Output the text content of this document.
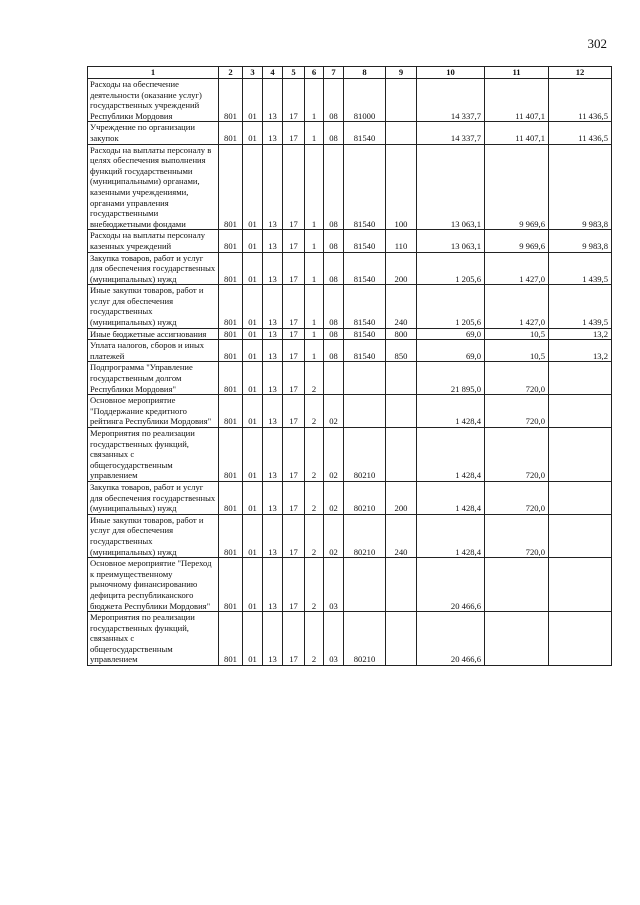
302
1	2	3	4	5	6	7	8	9	10	11	12
Расходы на обеспечение деятельности (оказание услуг) государственных учреждений Республики Мордовия	801	01	13	17	1	08	81000		14 337,7	11 407,1	11 436,5
Учреждение по организации закупок	801	01	13	17	1	08	81540		14 337,7	11 407,1	11 436,5
Расходы на выплаты персоналу в целях обеспечения выполнения функций государственными (муниципальными) органами, казенными учреждениями, органами управления государственными внебюджетными фондами	801	01	13	17	1	08	81540	100	13 063,1	9 969,6	9 983,8
Расходы на выплаты персоналу казенных учреждений	801	01	13	17	1	08	81540	110	13 063,1	9 969,6	9 983,8
Закупка товаров, работ и услуг для обеспечения государственных (муниципальных) нужд	801	01	13	17	1	08	81540	200	1 205,6	1 427,0	1 439,5
Иные закупки товаров, работ и услуг для обеспечения государственных (муниципальных) нужд	801	01	13	17	1	08	81540	240	1 205,6	1 427,0	1 439,5
Иные бюджетные ассигнования	801	01	13	17	1	08	81540	800	69,0	10,5	13,2
Уплата налогов, сборов и иных платежей	801	01	13	17	1	08	81540	850	69,0	10,5	13,2
Подпрограмма "Управление государственным долгом Республики Мордовия"	801	01	13	17	2				21 895,0	720,0	
Основное мероприятие "Поддержание кредитного рейтинга Республики Мордовия"	801	01	13	17	2	02			1 428,4	720,0	
Мероприятия по реализации государственных функций, связанных с общегосударственным управлением	801	01	13	17	2	02	80210		1 428,4	720,0	
Закупка товаров, работ и услуг для обеспечения государственных (муниципальных) нужд	801	01	13	17	2	02	80210	200	1 428,4	720,0	
Иные закупки товаров, работ и услуг для обеспечения государственных (муниципальных) нужд	801	01	13	17	2	02	80210	240	1 428,4	720,0	
Основное мероприятие "Переход к преимущественному рыночному финансированию дефицита республиканского бюджета Республики Мордовия"	801	01	13	17	2	03			20 466,6		
Мероприятия по реализации государственных функций, связанных с общегосударственным управлением	801	01	13	17	2	03	80210		20 466,6		
